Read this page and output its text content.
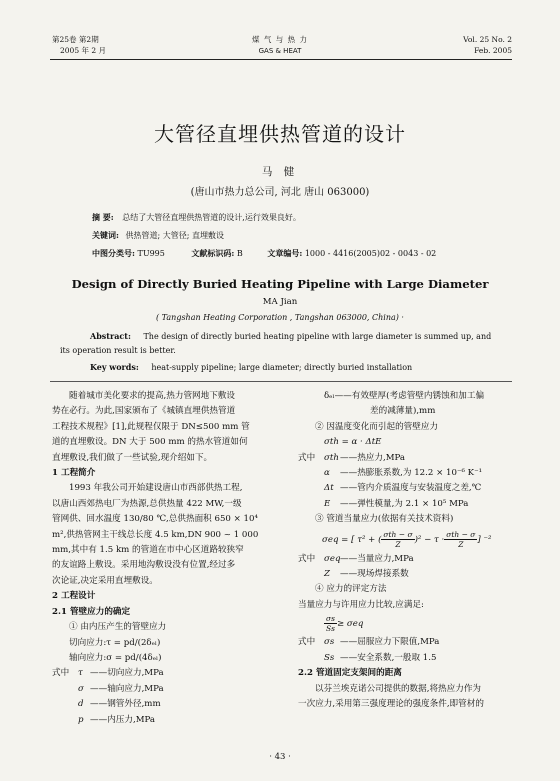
第25卷 第2期
2005 年 2 月
煤 气 与 热 力
GAS & HEAT
Vol. 25 No. 2
Feb. 2005
大管径直埋供热管道的设计
马 健
(唐山市热力总公司, 河北 唐山 063000)
摘 要: 总结了大管径直埋供热管道的设计,运行效果良好。
关键词: 供热管道; 大管径; 直埋敷设
中图分类号: TU995	文献标识码: B	文章编号: 1000 - 4416(2005)02 - 0043 - 02
Design of Directly Buried Heating Pipeline with Large Diameter
MA Jian
( Tangshan Heating Corporation , Tangshan 063000, China) ·
Abstract: The design of directly buried heating pipeline with large diameter is summed up, and
its operation result is better.
Key words: heat-supply pipeline; large diameter; directly buried installation
随着城市美化要求的提高,热力管网地下敷设
势在必行。为此,国家颁布了《城镇直埋供热管道
工程技术规程》[1],此规程仅限于 DN≤500 mm 管
道的直埋敷设。DN 大于 500 mm 的热水管道如何
直埋敷设,我们做了一些试验,现介绍如下。
1 工程简介
1993 年我公司开始建设唐山市西部供热工程,
以唐山西郊热电厂为热源,总供热量 422 MW,一级
管网供、回水温度 130/80 ℃,总供热面积 650 × 10⁴
m²,供热管网主干线总长度 4.5 km,DN 900 ~ 1 000
mm,其中有 1.5 km 的管道在市中心区道路较狭窄
的友谊路上敷设。采用地沟敷设没有位置,经过多
次论证,决定采用直埋敷设。
2 工程设计
2.1 管壁应力的确定
① 由内压产生的管壁应力
切向应力:τ = pd/(2δₑₗ)
轴向应力:σ = pd/(4δₑₗ)
式中 τ ——切向应力,MPa
σ ——轴向应力,MPa
d ——钢管外径,mm
p ——内压力,MPa
δₑₗ——有效壁厚(考虑管壁内锈蚀和加工偏
差的减薄量),mm
② 因温度变化而引起的管壁应力
σth = α · ΔtE
式中 σth——热应力,MPa
α ——热膨胀系数,为 12.2 × 10⁻⁶ K⁻¹
Δt ——管内介质温度与安装温度之差,℃
E ——弹性模量,为 2.1 × 10⁵ MPa
③ 管道当量应力(依据有关技术资料)
σeq = [ τ² + ( $\frac{\text{σth − σ}}{Z} )^2 - \tau \cdot \frac{\text{σth − σ}}{Z}$ ] ⁻²
式中 σeq——当量应力,MPa
Z ——现场焊接系数
④ 应力的评定方法
当量应力与许用应力比较,应满足:
$\frac{\sigma s}{Ss} \ge \sigma eq$
式中 σs ——屈服应力下限值,MPa
Ss ——安全系数,一般取 1.5
2.2 管道固定支架间的距离
以芬兰埃克诺公司提供的数据,将热应力作为
一次应力,采用第三强度理论的强度条件,即管材的
· 43 ·
